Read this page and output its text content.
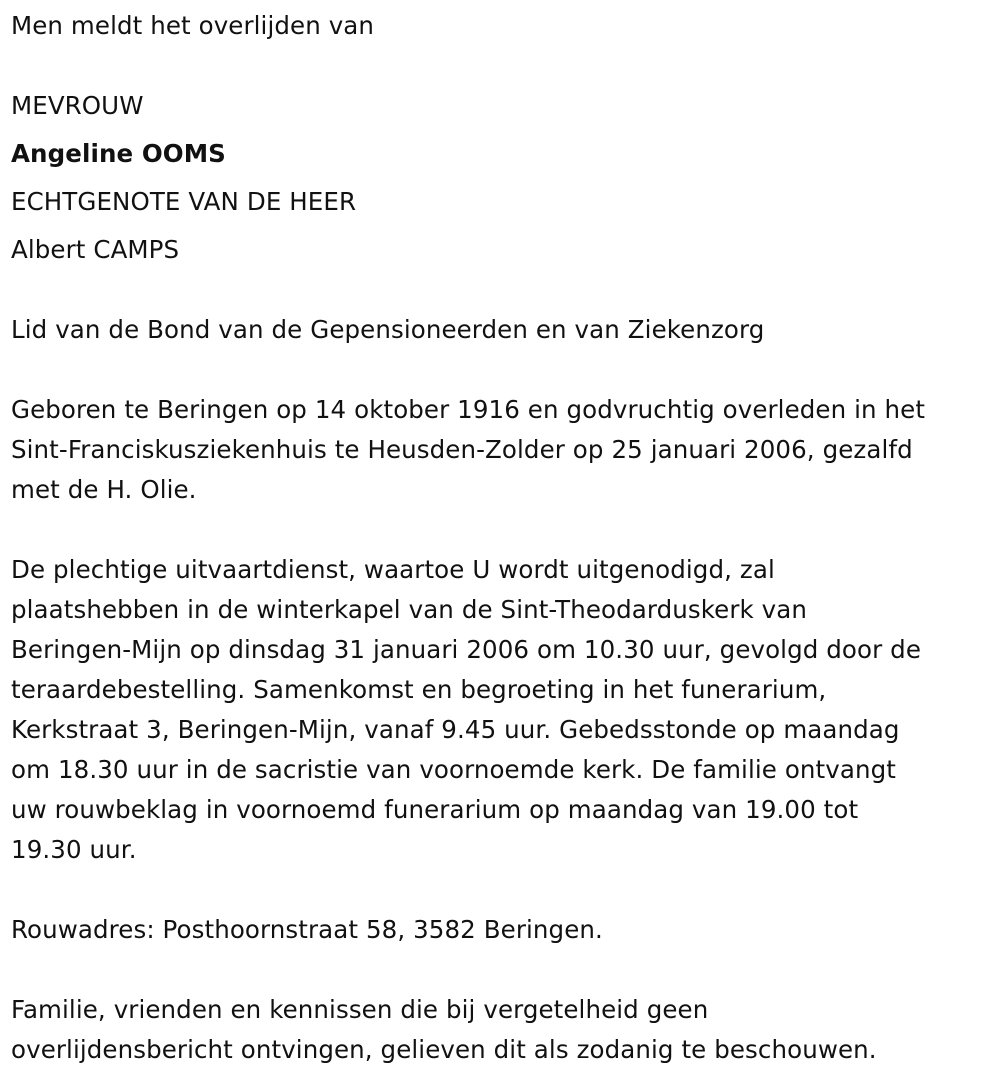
Men meldt het overlijden van

MEVROUW

Angeline OOMS

ECHTGENOTE VAN DE HEER

Albert CAMPS

Lid van de Bond van de Gepensioneerden en van Ziekenzorg

Geboren te Beringen op 14 oktober 1916 en godvruchtig overleden in het

Sint-Franciskusziekenhuis te Heusden-Zolder op 25 januari 2006, gezalfd

met de H. Olie.

De plechtige uitvaartdienst, waartoe U wordt uitgenodigd, zal

plaatshebben in de winterkapel van de Sint-Theodarduskerk van

Beringen-Mijn op dinsdag 31 januari 2006 om 10.30 uur, gevolgd door de

teraardebestelling. Samenkomst en begroeting in het funerarium,

Kerkstraat 3, Beringen-Mijn, vanaf 9.45 uur. Gebedsstonde op maandag

om 18.30 uur in de sacristie van voornoemde kerk. De familie ontvangt

uw rouwbeklag in voornoemd funerarium op maandag van 19.00 tot

19.30 uur.

Rouwadres: Posthoornstraat 58, 3582 Beringen.

Familie, vrienden en kennissen die bij vergetelheid geen

overlijdensbericht ontvingen, gelieven dit als zodanig te beschouwen.
